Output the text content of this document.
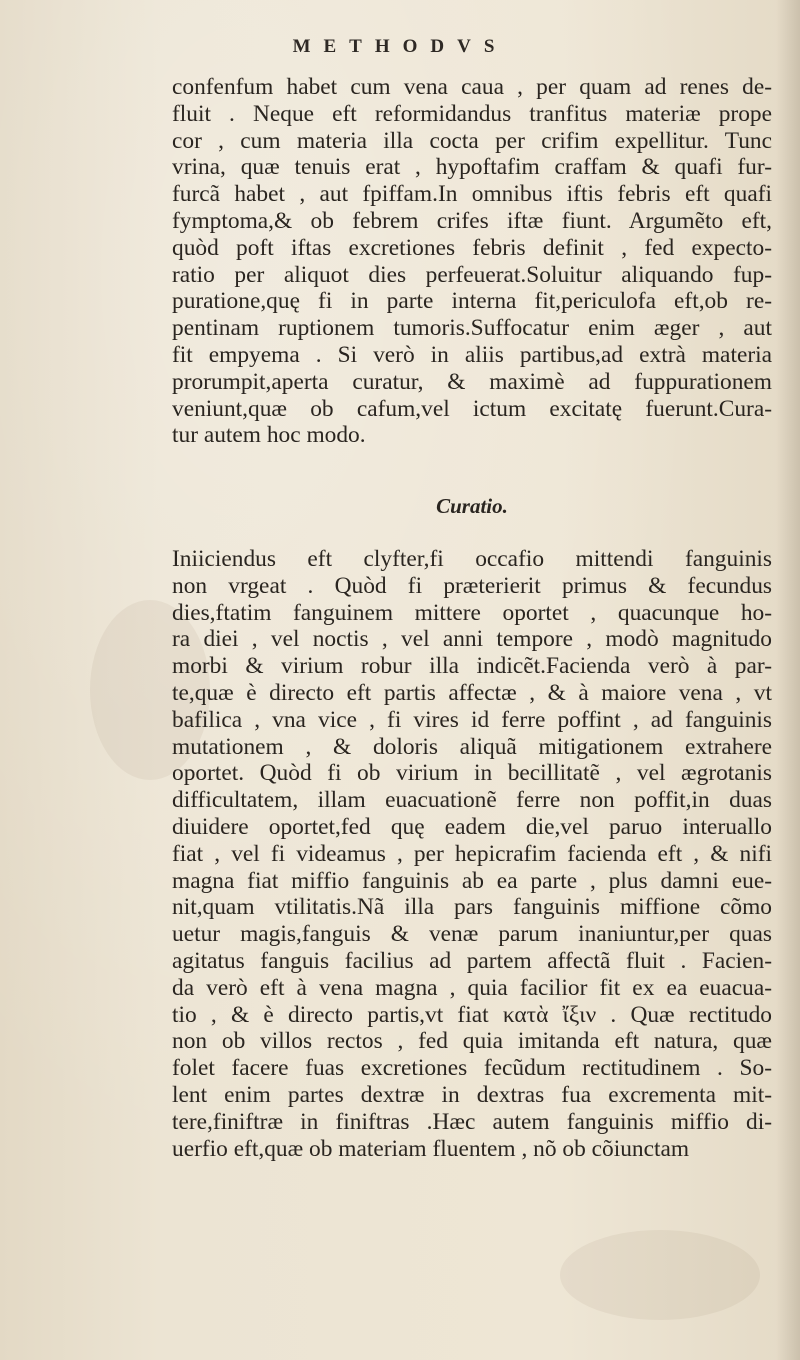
METHODVS
confenfum habet cum vena caua , per quam ad renes de-
fluit . Neque eft reformidandus tranfitus materiæ prope
cor , cum materia illa cocta per crifim expellitur. Tunc
vrina, quæ tenuis erat , hypoftafim craffam & quafi fur-
furcã habet , aut fpiffam.In omnibus iftis febris eft quafi
fymptoma,& ob febrem crifes iftæ fiunt. Argumẽto eft,
quòd poft iftas excretiones febris definit , fed expecto-
ratio per aliquot dies perfeuerat.Soluitur aliquando fup-
puratione,quę fi in parte interna fit,periculofa eft,ob re-
pentinam ruptionem tumoris.Suffocatur enim æger , aut
fit empyema . Si verò in aliis partibus,ad extrà materia
prorumpit,aperta curatur, & maximè ad fuppurationem
veniunt,quæ ob cafum,vel ictum excitatę fuerunt.Cura-
tur autem hoc modo.
Curatio.
Iniiciendus eft clyfter,fi occafio mittendi fanguinis
non vrgeat . Quòd fi præterierit primus & fecundus
dies,ftatim fanguinem mittere oportet , quacunque ho-
ra diei , vel noctis , vel anni tempore , modò magnitudo
morbi & virium robur illa indicẽt.Facienda verò à par-
te,quæ è directo eft partis affectæ , & à maiore vena , vt
bafilica , vna vice , fi vires id ferre poffint , ad fanguinis
mutationem , & doloris aliquã mitigationem extrahere
oportet. Quòd fi ob virium in becillitatẽ , vel ægrotanis
difficultatem, illam euacuationẽ ferre non poffit,in duas
diuidere oportet,fed quę eadem die,vel paruo interuallo
fiat , vel fi videamus , per hepicrafim facienda eft , & nifi
magna fiat miffio fanguinis ab ea parte , plus damni eue-
nit,quam vtilitatis.Nã illa pars fanguinis miffione cõmo
uetur magis,fanguis & venæ parum inaniuntur,per quas
agitatus fanguis facilius ad partem affectã fluit . Facien-
da verò eft à vena magna , quia facilior fit ex ea euacua-
tio , & è directo partis,vt fiat κατὰ ἴξιν . Quæ rectitudo
non ob villos rectos , fed quia imitanda eft natura, quæ
folet facere fuas excretiones fecũdum rectitudinem . So-
lent enim partes dextræ in dextras fua excrementa mit-
tere,finiftræ in finiftras .Hæc autem fanguinis miffio di-
uerfio eft,quæ ob materiam fluentem , nõ ob cõiunctam
